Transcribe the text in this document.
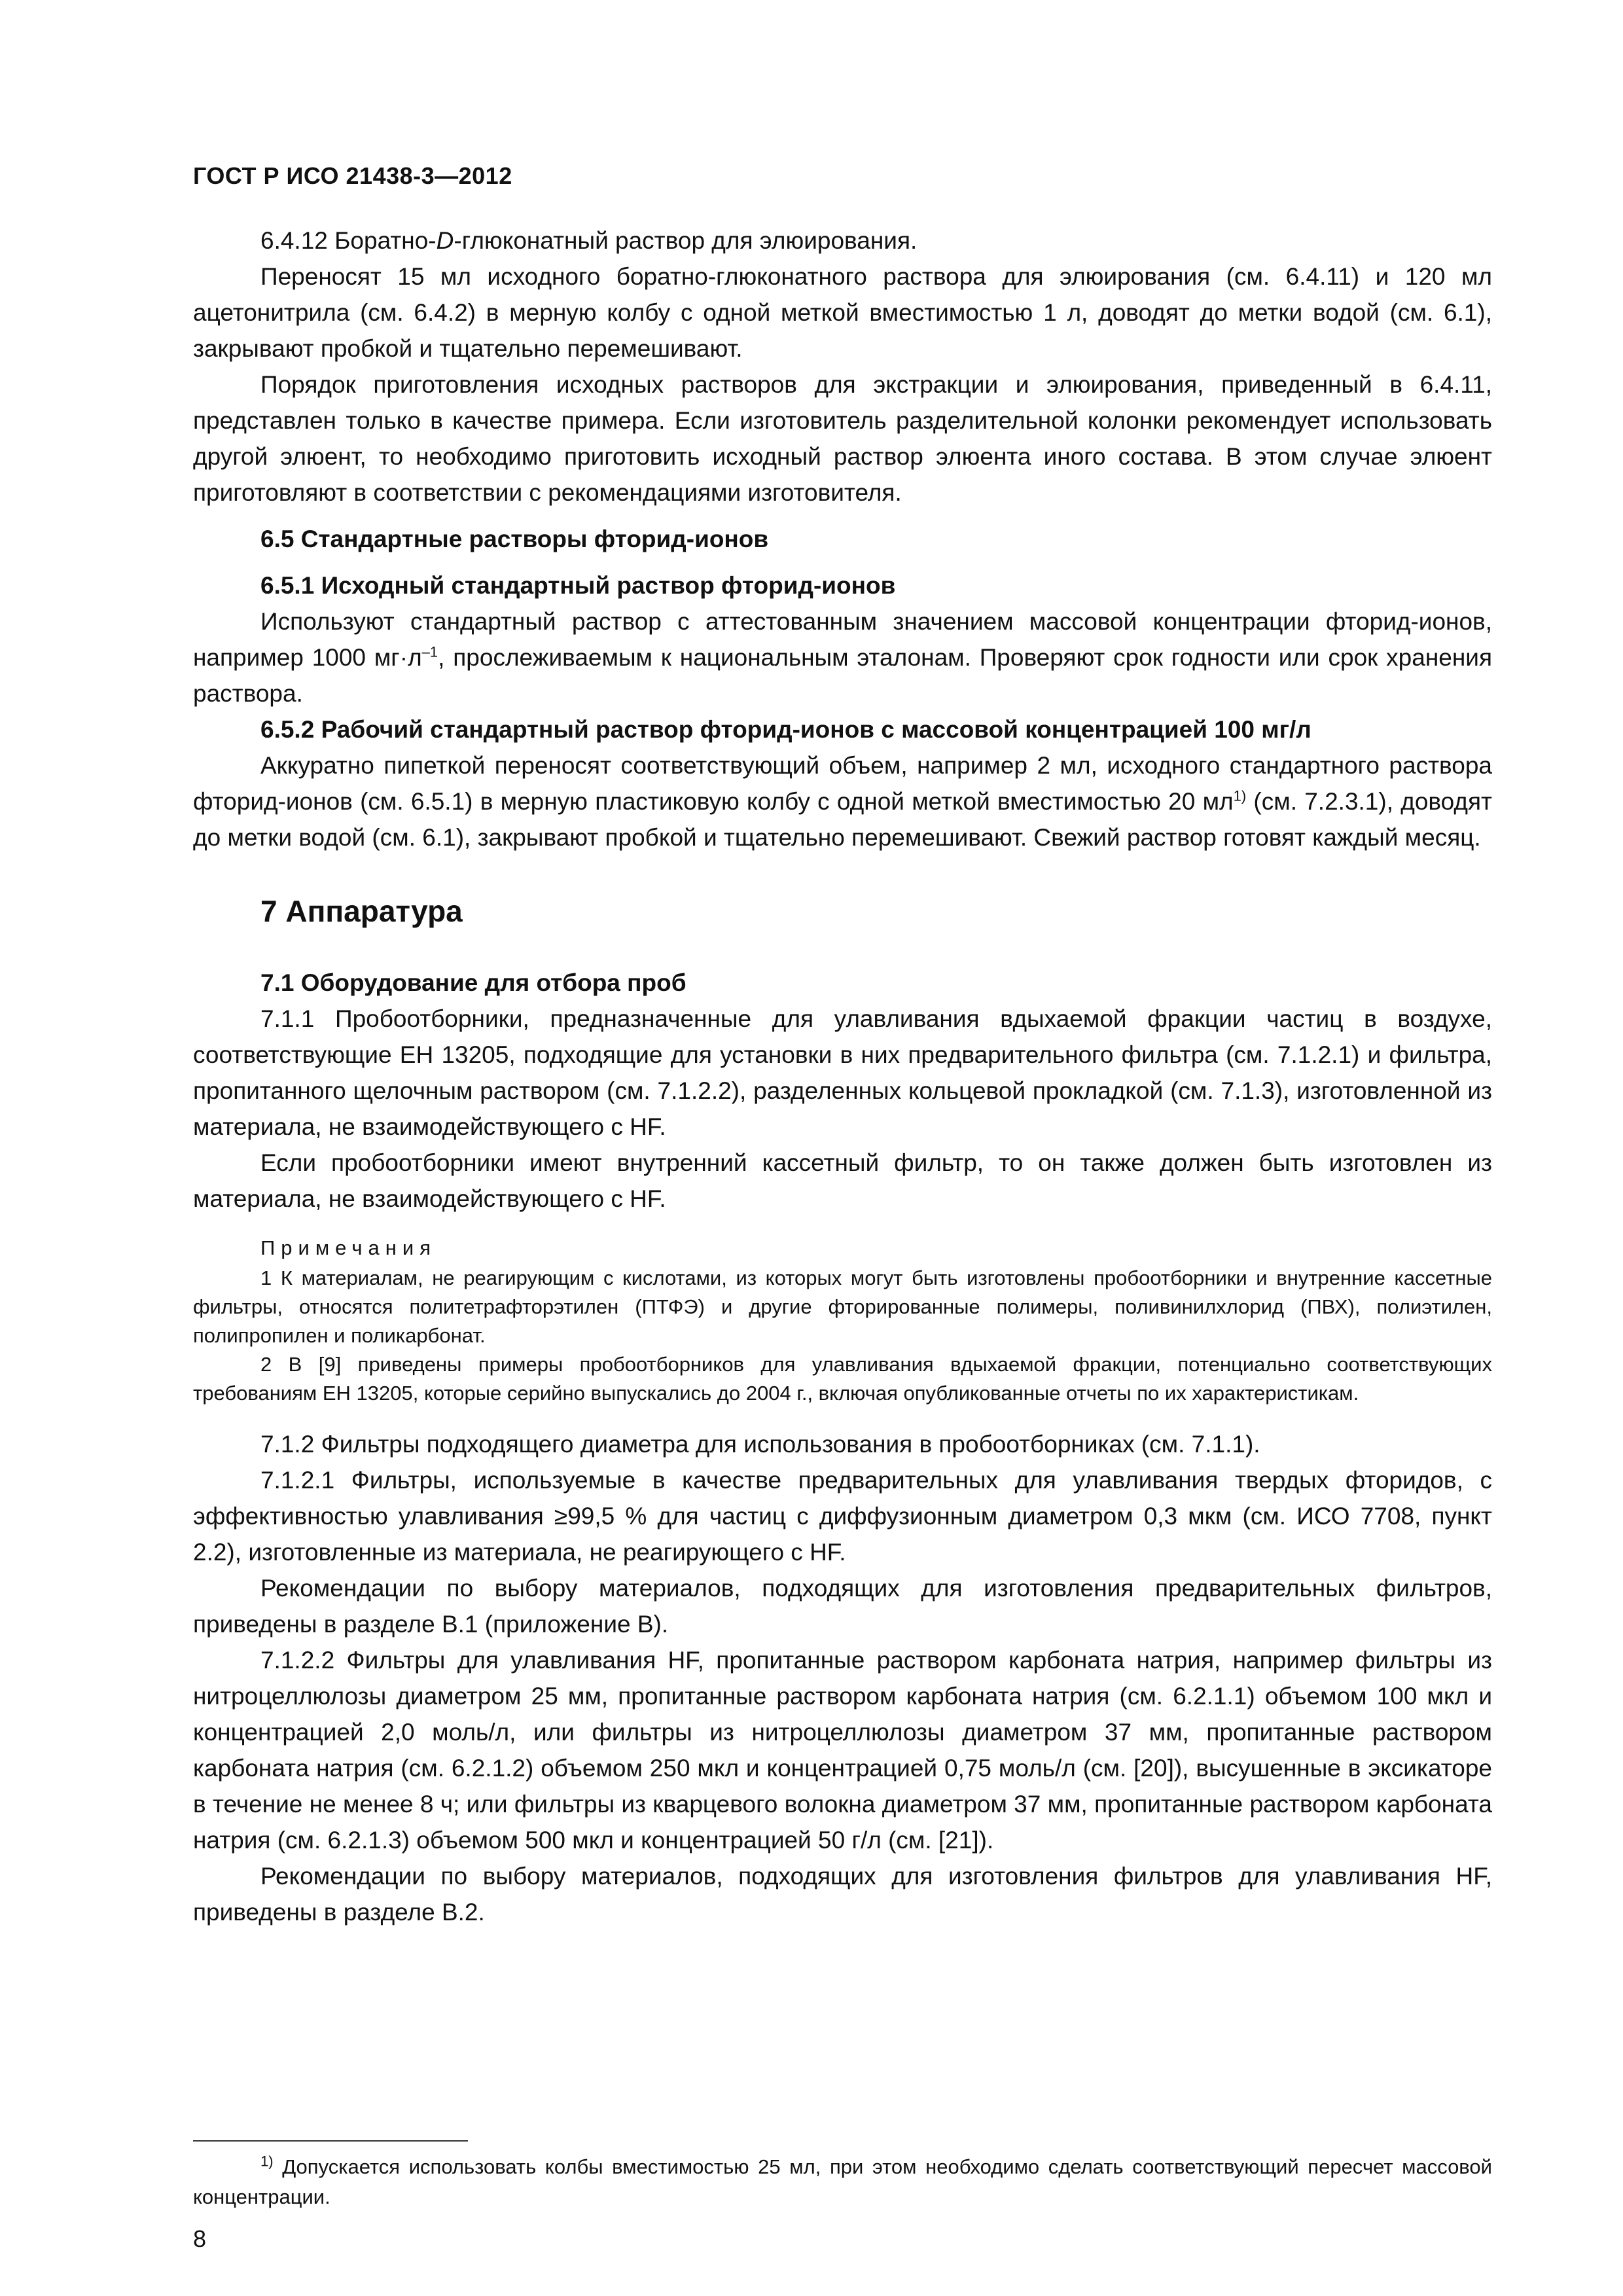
ГОСТ Р ИСО 21438-3—2012

6.4.12 Боратно-D-глюконатный раствор для элюирования.

Переносят 15 мл исходного боратно-глюконатного раствора для элюирования (см. 6.4.11) и 120 мл ацетонитрила (см. 6.4.2) в мерную колбу с одной меткой вместимостью 1 л, доводят до метки водой (см. 6.1), закрывают пробкой и тщательно перемешивают.

Порядок приготовления исходных растворов для экстракции и элюирования, приведенный в 6.4.11, представлен только в качестве примера. Если изготовитель разделительной колонки рекомендует использовать другой элюент, то необходимо приготовить исходный раствор элюента иного состава. В этом случае элюент приготовляют в соответствии с рекомендациями изготовителя.

6.5 Стандартные растворы фторид-ионов

6.5.1 Исходный стандартный раствор фторид-ионов

Используют стандартный раствор с аттестованным значением массовой концентрации фторид-ионов, например 1000 $мг\cdot л^{-1}$, прослеживаемым к национальным эталонам. Проверяют срок годности или срок хранения раствора.

6.5.2 Рабочий стандартный раствор фторид-ионов с массовой концентрацией 100 мг/л

Аккуратно пипеткой переносят соответствующий объем, например 2 мл, исходного стандартного раствора фторид-ионов (см. 6.5.1) в мерную пластиковую колбу с одной меткой вместимостью 20 $мл^{1)}$ (см. 7.2.3.1), доводят до метки водой (см. 6.1), закрывают пробкой и тщательно перемешивают. Свежий раствор готовят каждый месяц.

7 Аппаратура

7.1 Оборудование для отбора проб

7.1.1 Пробоотборники, предназначенные для улавливания вдыхаемой фракции частиц в воздухе, соответствующие ЕН 13205, подходящие для установки в них предварительного фильтра (см. 7.1.2.1) и фильтра, пропитанного щелочным раствором (см. 7.1.2.2), разделенных кольцевой прокладкой (см. 7.1.3), изготовленной из материала, не взаимодействующего с HF.

Если пробоотборники имеют внутренний кассетный фильтр, то он также должен быть изготовлен из материала, не взаимодействующего с HF.

Примечания

1 К материалам, не реагирующим с кислотами, из которых могут быть изготовлены пробоотборники и внутренние кассетные фильтры, относятся политетрафторэтилен (ПТФЭ) и другие фторированные полимеры, поливинилхлорид (ПВХ), полиэтилен, полипропилен и поликарбонат.

2 В [9] приведены примеры пробоотборников для улавливания вдыхаемой фракции, потенциально соответствующих требованиям ЕН 13205, которые серийно выпускались до 2004 г., включая опубликованные отчеты по их характеристикам.

7.1.2 Фильтры подходящего диаметра для использования в пробоотборниках (см. 7.1.1).

7.1.2.1 Фильтры, используемые в качестве предварительных для улавливания твердых фторидов, с эффективностью улавливания ≥99,5 % для частиц с диффузионным диаметром 0,3 мкм (см. ИСО 7708, пункт 2.2), изготовленные из материала, не реагирующего с HF.

Рекомендации по выбору материалов, подходящих для изготовления предварительных фильтров, приведены в разделе В.1 (приложение В).

7.1.2.2 Фильтры для улавливания HF, пропитанные раствором карбоната натрия, например фильтры из нитроцеллюлозы диаметром 25 мм, пропитанные раствором карбоната натрия (см. 6.2.1.1) объемом 100 мкл и концентрацией 2,0 моль/л, или фильтры из нитроцеллюлозы диаметром 37 мм, пропитанные раствором карбоната натрия (см. 6.2.1.2) объемом 250 мкл и концентрацией 0,75 моль/л (см. [20]), высушенные в эксикаторе в течение не менее 8 ч; или фильтры из кварцевого волокна диаметром 37 мм, пропитанные раствором карбоната натрия (см. 6.2.1.3) объемом 500 мкл и концентрацией 50 г/л (см. [21]).

Рекомендации по выбору материалов, подходящих для изготовления фильтров для улавливания HF, приведены в разделе В.2.

$^{1)}$ Допускается использовать колбы вместимостью 25 мл, при этом необходимо сделать соответствующий пересчет массовой концентрации.
8
